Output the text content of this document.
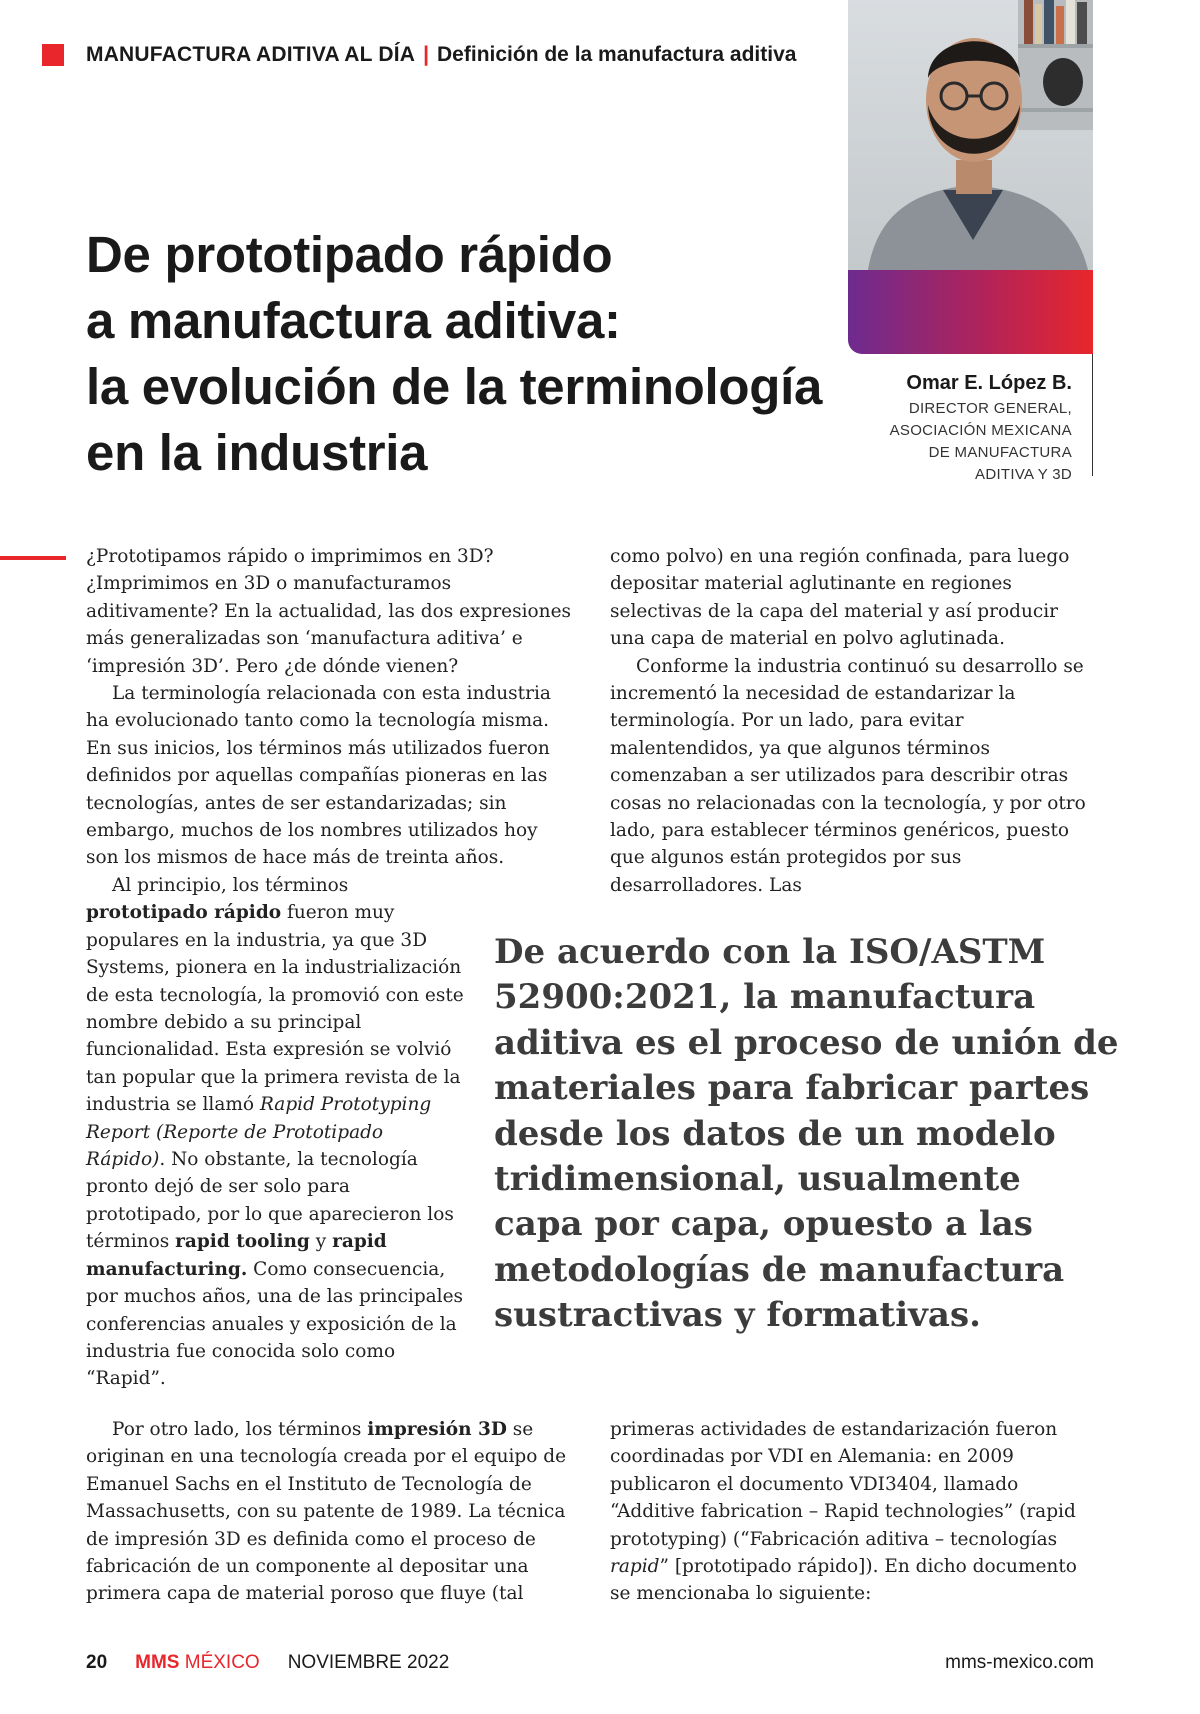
MANUFACTURA ADITIVA AL DÍA | Definición de la manufactura aditiva
De prototipado rápido
a manufactura aditiva:
la evolución de la terminología
en la industria
Omar E. López B.
DIRECTOR GENERAL,
ASOCIACIÓN MEXICANA
DE MANUFACTURA
ADITIVA Y 3D

¿Prototipamos rápido o imprimimos en 3D? ¿Imprimimos en 3D o manufacturamos aditivamente? En la actualidad, las dos expresiones más generalizadas son ‘manufactura aditiva’ e ‘impresión 3D’. Pero ¿de dónde vienen?

La terminología relacionada con esta industria ha evolucionado tanto como la tecnología misma. En sus inicios, los términos más utilizados fueron definidos por aquellas compañías pioneras en las tecnologías, antes de ser estandarizadas; sin embargo, muchos de los nombres utilizados hoy son los mismos de hace más de treinta años.

Al principio, los términos
prototipado rápido fueron muy populares en la industria, ya que 3D Systems, pionera en la industrialización de esta tecnología, la promovió con este nombre debido a su principal funcionalidad. Esta expresión se volvió tan popular que la primera revista de la industria se llamó Rapid Prototyping Report (Reporte de Prototipado Rápido). No obstante, la tecnología pronto dejó de ser solo para prototipado, por lo que aparecieron los términos rapid tooling y rapid manufacturing. Como consecuencia, por muchos años, una de las principales conferencias anuales y exposición de la industria fue conocida solo como “Rapid”.

Por otro lado, los términos impresión 3D se originan en una tecnología creada por el equipo de Emanuel Sachs en el Instituto de Tecnología de Massachusetts, con su patente de 1989. La técnica de impresión 3D es definida como el proceso de fabricación de un componente al depositar una primera capa de material poroso que fluye (tal

como polvo) en una región confinada, para luego depositar material aglutinante en regiones selectivas de la capa del material y así producir una capa de material en polvo aglutinada.

Conforme la industria continuó su desarrollo se incrementó la necesidad de estandarizar la terminología. Por un lado, para evitar malentendidos, ya que algunos términos comenzaban a ser utilizados para describir otras cosas no relacionadas con la tecnología, y por otro lado, para establecer términos genéricos, puesto que algunos están protegidos por sus desarrolladores. Las

De acuerdo con la ISO/ASTM
52900:2021, la manufactura
aditiva es el proceso de unión de
materiales para fabricar partes
desde los datos de un modelo
tridimensional, usualmente
capa por capa, opuesto a las
metodologías de manufactura
sustractivas y formativas.

primeras actividades de estandarización fueron coordinadas por VDI en Alemania: en 2009 publicaron el documento VDI3404, llamado “Additive fabrication – Rapid technologies” (rapid prototyping) (“Fabricación aditiva – tecnologías rapid” [prototipado rápido]). En dicho documento se mencionaba lo siguiente:

20 MMS MÉXICO NOVIEMBRE 2022	mms-mexico.com
